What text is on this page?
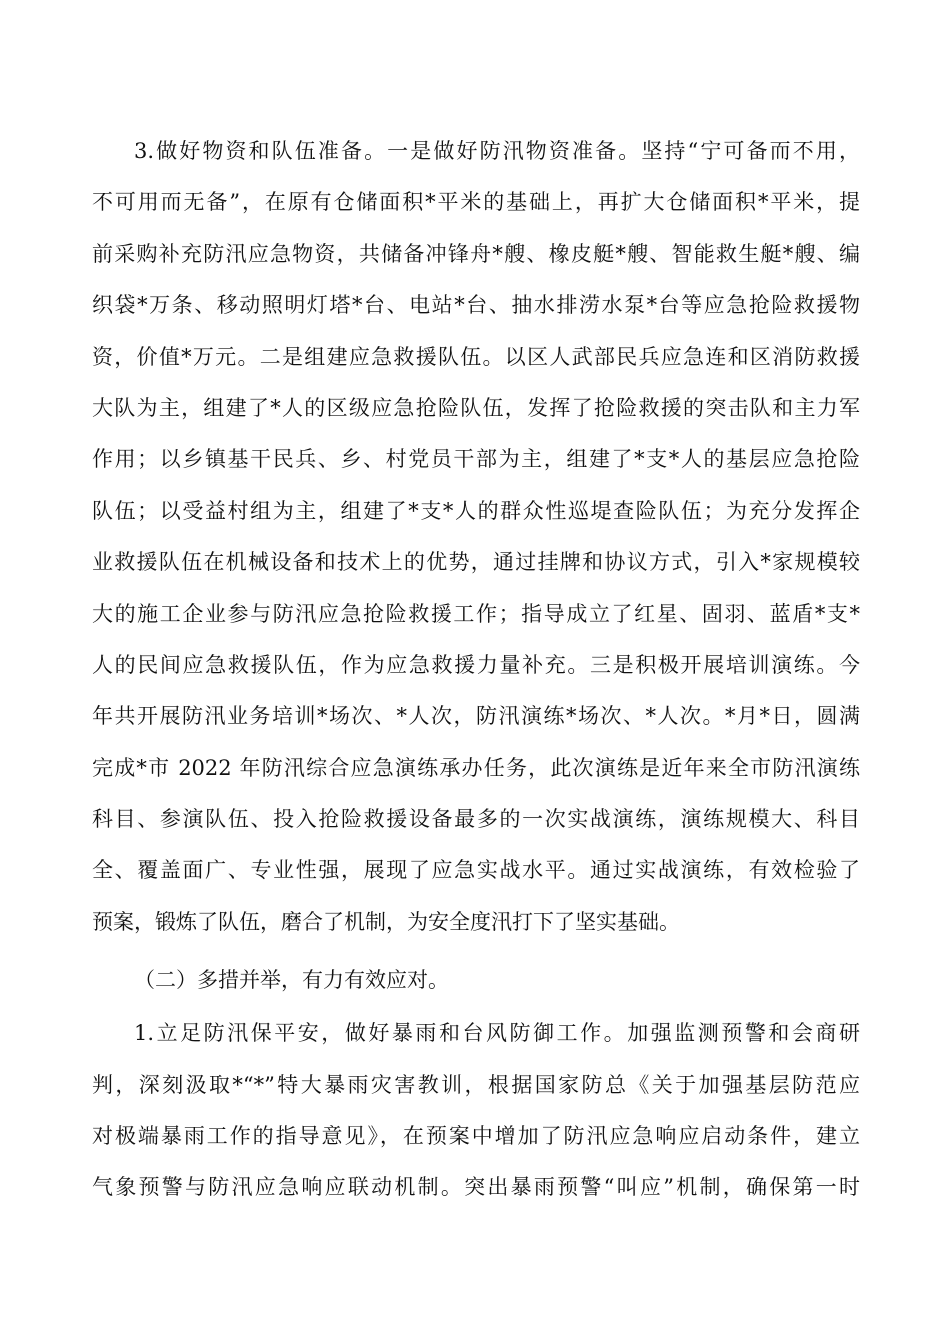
3.做好物资和队伍准备。一是做好防汛物资准备。坚持“宁可备而不用，
不可用而无备”，在原有仓储面积*平米的基础上，再扩大仓储面积*平米，提
前采购补充防汛应急物资，共储备冲锋舟*艘、橡皮艇*艘、智能救生艇*艘、编
织袋*万条、移动照明灯塔*台、电站*台、抽水排涝水泵*台等应急抢险救援物
资，价值*万元。二是组建应急救援队伍。以区人武部民兵应急连和区消防救援
大队为主，组建了*人的区级应急抢险队伍，发挥了抢险救援的突击队和主力军
作用；以乡镇基干民兵、乡、村党员干部为主，组建了*支*人的基层应急抢险
队伍；以受益村组为主，组建了*支*人的群众性巡堤查险队伍；为充分发挥企
业救援队伍在机械设备和技术上的优势，通过挂牌和协议方式，引入*家规模较
大的施工企业参与防汛应急抢险救援工作；指导成立了红星、固羽、蓝盾*支*
人的民间应急救援队伍，作为应急救援力量补充。三是积极开展培训演练。今
年共开展防汛业务培训*场次、*人次，防汛演练*场次、*人次。*月*日，圆满
完成*市 2022 年防汛综合应急演练承办任务，此次演练是近年来全市防汛演练
科目、参演队伍、投入抢险救援设备最多的一次实战演练，演练规模大、科目
全、覆盖面广、专业性强，展现了应急实战水平。通过实战演练，有效检验了
预案，锻炼了队伍，磨合了机制，为安全度汛打下了坚实基础。
（二）多措并举，有力有效应对。
1.立足防汛保平安，做好暴雨和台风防御工作。加强监测预警和会商研
判，深刻汲取*“*”特大暴雨灾害教训，根据国家防总《关于加强基层防范应
对极端暴雨工作的指导意见》，在预案中增加了防汛应急响应启动条件，建立
气象预警与防汛应急响应联动机制。突出暴雨预警“叫应”机制，确保第一时
